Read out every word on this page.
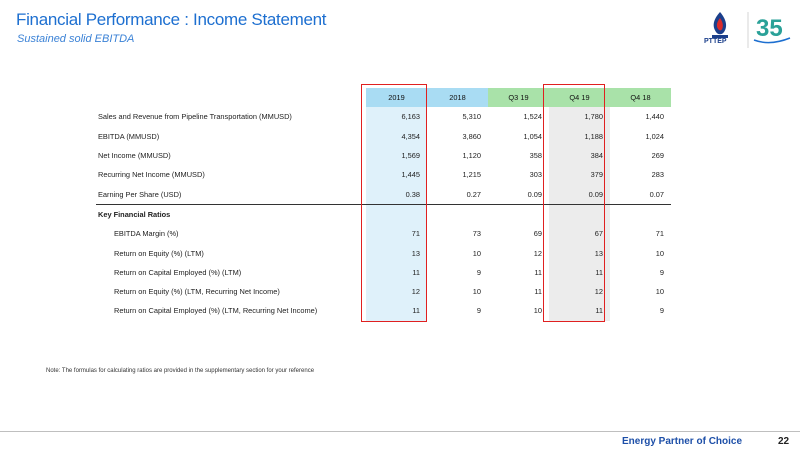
Financial Performance : Income Statement
Sustained solid EBITDA	35
PTTEP
	2019	2018	Q3 19	Q4 19	Q4 18
Sales and Revenue from Pipeline Transportation (MMUSD)	6,163	5,310	1,524	1,780	1,440
EBITDA (MMUSD)	4,354	3,860	1,054	1,188	1,024
Net Income (MMUSD)	1,569	1,120	358	384	269
Recurring Net Income (MMUSD)	1,445	1,215	303	379	283
Earning Per Share (USD)	0.38	0.27	0.09	0.09	0.07
Key Financial Ratios					
EBITDA Margin (%)	71	73	69	67	71
Return on Equity (%) (LTM)	13	10	12	13	10
Return on Capital Employed (%) (LTM)	11	9	11	11	9
Return on Equity (%) (LTM, Recurring Net Income)	12	10	11	12	10
Return on Capital Employed (%) (LTM, Recurring Net Income)	11	9	10	11	9
Note: The formulas for calculating ratios are provided in the supplementary section for your reference
Energy Partner of Choice	22
